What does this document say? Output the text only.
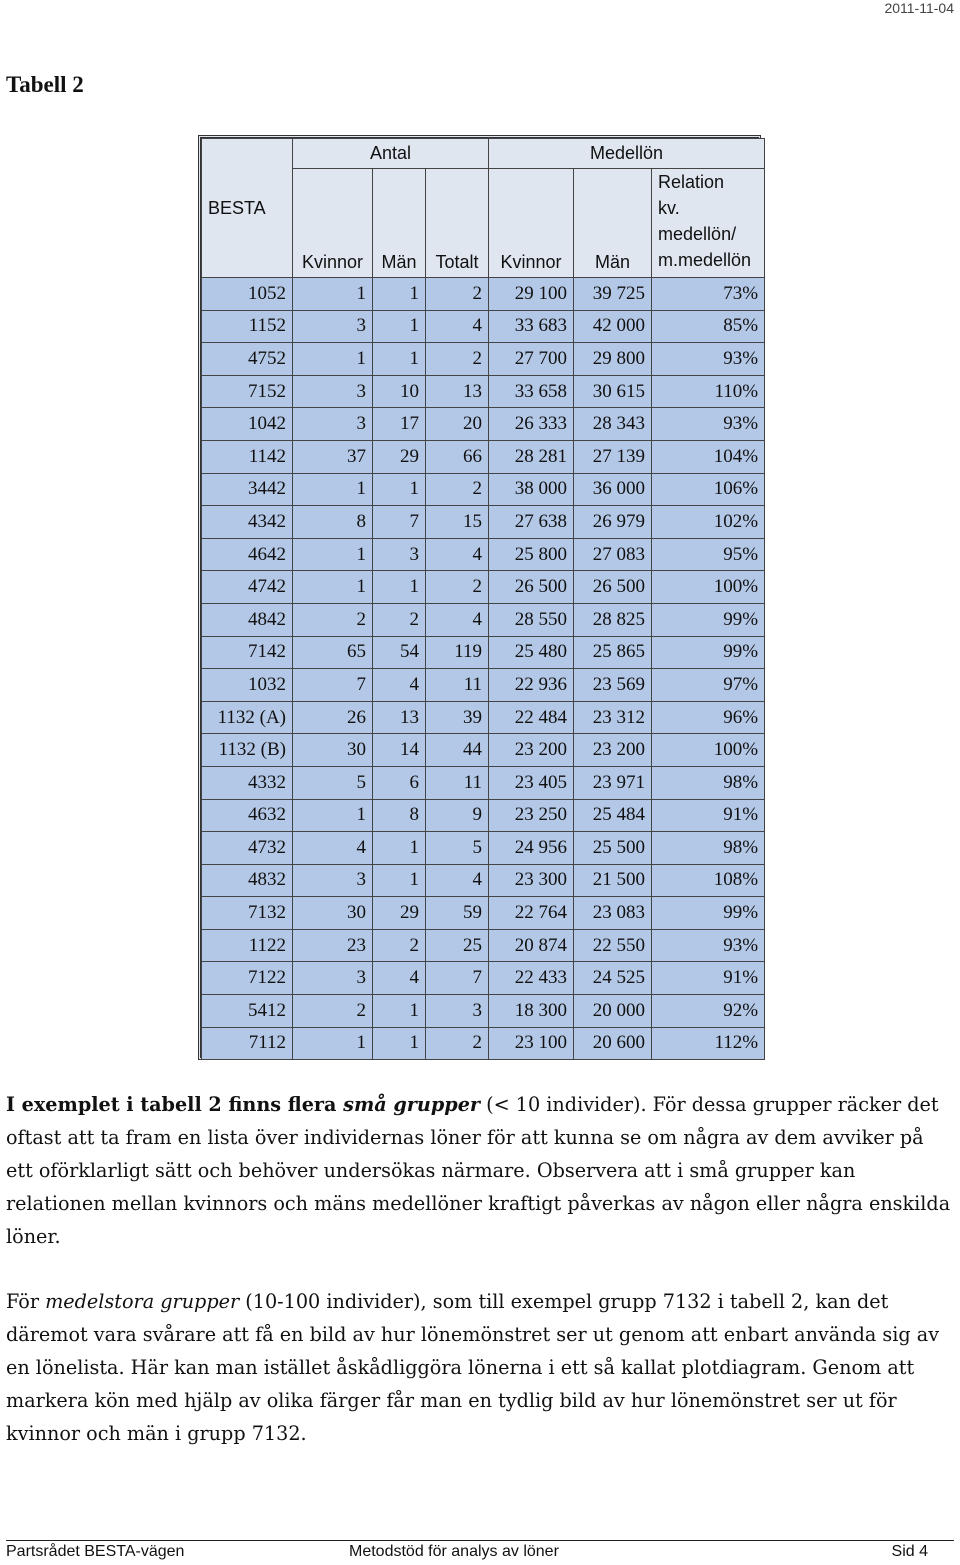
2011-11-04
Tabell 2
BESTA	Antal			Medellön		
	Kvinnor	Män	Totalt	Kvinnor	Män	Relation
kv.
medellön/
m.medellön

1052	1	1	2	29 100	39 725	73%
1152	3	1	4	33 683	42 000	85%
4752	1	1	2	27 700	29 800	93%
7152	3	10	13	33 658	30 615	110%
1042	3	17	20	26 333	28 343	93%
1142	37	29	66	28 281	27 139	104%
3442	1	1	2	38 000	36 000	106%
4342	8	7	15	27 638	26 979	102%
4642	1	3	4	25 800	27 083	95%
4742	1	1	2	26 500	26 500	100%
4842	2	2	4	28 550	28 825	99%
7142	65	54	119	25 480	25 865	99%
1032	7	4	11	22 936	23 569	97%
1132 (A)	26	13	39	22 484	23 312	96%
1132 (B)	30	14	44	23 200	23 200	100%
4332	5	6	11	23 405	23 971	98%
4632	1	8	9	23 250	25 484	91%
4732	4	1	5	24 956	25 500	98%
4832	3	1	4	23 300	21 500	108%
7132	30	29	59	22 764	23 083	99%
1122	23	2	25	20 874	22 550	93%
7122	3	4	7	22 433	24 525	91%
5412	2	1	3	18 300	20 000	92%
7112	1	1	2	23 100	20 600	112%

I exemplet i tabell 2 finns flera små grupper (< 10 individer). För dessa grupper räcker det oftast att ta fram en lista över individernas löner för att kunna se om några av dem avviker på ett oförklarligt sätt och behöver undersökas närmare. Observera att i små grupper kan relationen mellan kvinnors och mäns medellöner kraftigt påverkas av någon eller några enskilda löner.

För medelstora grupper (10-100 individer), som till exempel grupp 7132 i tabell 2, kan det däremot vara svårare att få en bild av hur lönemönstret ser ut genom att enbart använda sig av en lönelista. Här kan man istället åskådliggöra lönerna i ett så kallat plotdiagram. Genom att markera kön med hjälp av olika färger får man en tydlig bild av hur lönemönstret ser ut för kvinnor och män i grupp 7132.

Partsrådet BESTA-vägen	Metodstöd för analys av löner	Sid 4
